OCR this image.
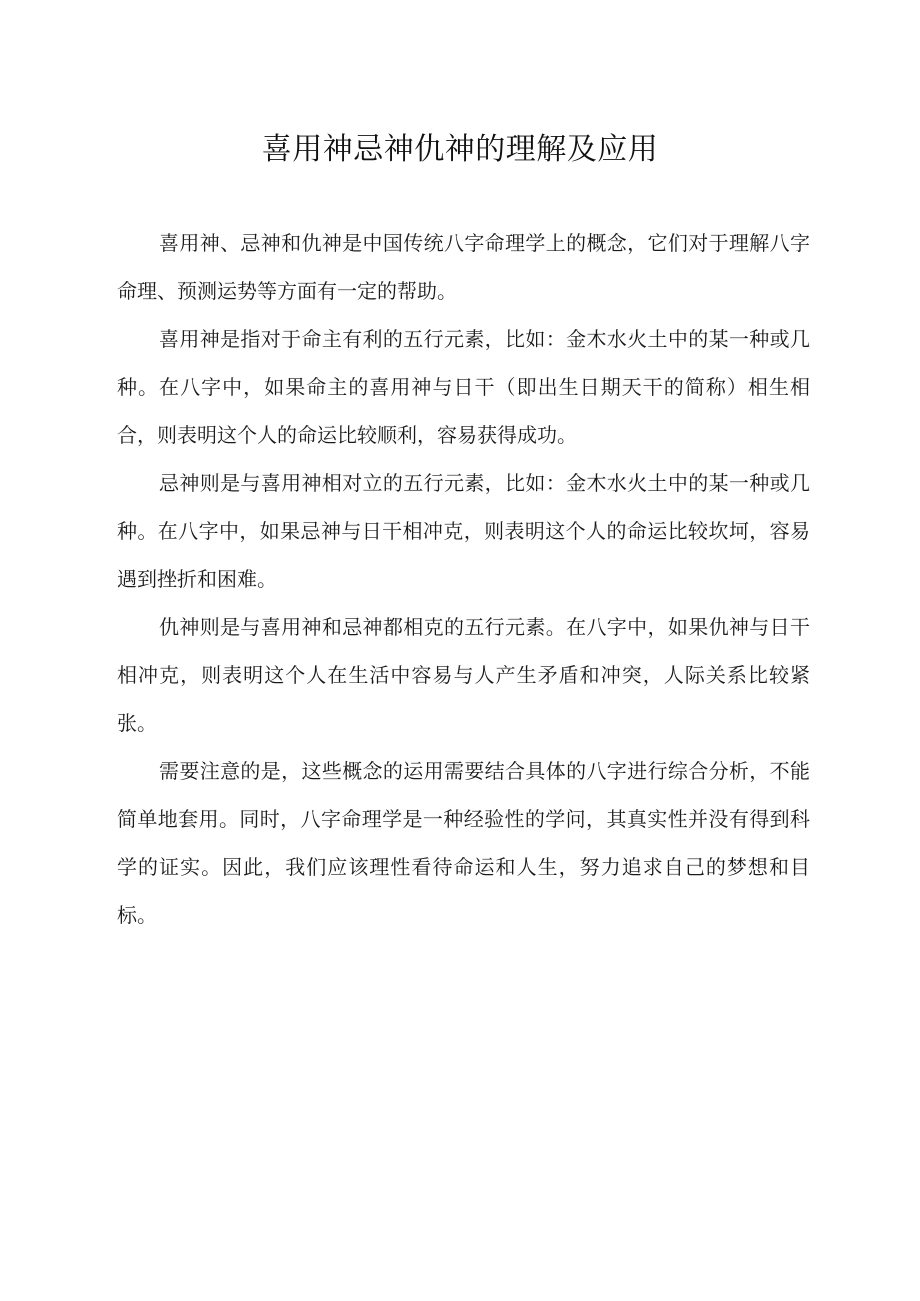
喜用神忌神仇神的理解及应用

喜用神、忌神和仇神是中国传统八字命理学上的概念，它们对于理解八字命理、预测运势等方面有一定的帮助。

喜用神是指对于命主有利的五行元素，比如：金木水火土中的某一种或几种。在八字中，如果命主的喜用神与日干（即出生日期天干的简称）相生相合，则表明这个人的命运比较顺利，容易获得成功。

忌神则是与喜用神相对立的五行元素，比如：金木水火土中的某一种或几种。在八字中，如果忌神与日干相冲克，则表明这个人的命运比较坎坷，容易遇到挫折和困难。

仇神则是与喜用神和忌神都相克的五行元素。在八字中，如果仇神与日干相冲克，则表明这个人在生活中容易与人产生矛盾和冲突，人际关系比较紧张。

需要注意的是，这些概念的运用需要结合具体的八字进行综合分析，不能简单地套用。同时，八字命理学是一种经验性的学问，其真实性并没有得到科学的证实。因此，我们应该理性看待命运和人生，努力追求自己的梦想和目标。
